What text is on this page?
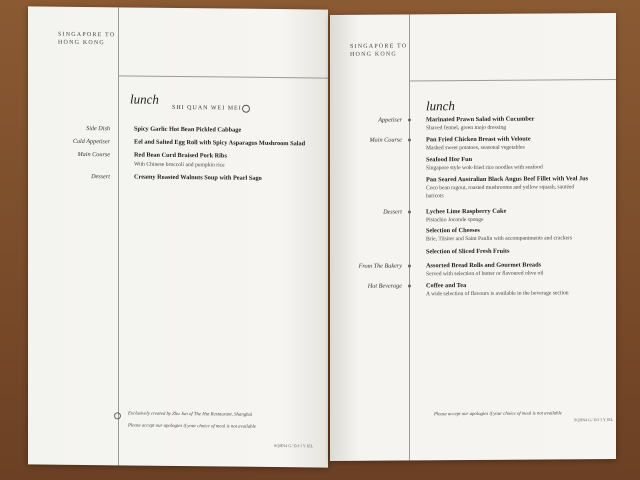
SINGAPORE TO
HONG KONG
lunch
SHI QUAN WEI MEI
Side Dish	Spicy Garlic Hot Bean Pickled Cabbage
Cold Appetiser	Eel and Salted Egg Roll with Spicy Asparagus Mushroom Salad
Main Course	Red Bean Curd Braised Pork Ribs
With Chinese broccoli and pumpkin rice
Dessert	Creamy Roasted Walnuts Soup with Pearl Sago
Exclusively created by Zhu Jun of The Hut Restaurant, Shanghai
Please accept our apologies if your choice of meal is not available
SQBN4 G/ D/J I Y JEL
SINGAPORE TO
HONG KONG
lunch
Appetiser	Marinated Prawn Salad with Cucumber
Shaved fennel, green mojo dressing
Main Course	Pan Fried Chicken Breast with Veloute
Mashed sweet potatoes, seasonal vegetables
Seafood Hor Fun
Singapore style wok-fried rice noodles with seafood
Pan Seared Australian Black Angus Beef Fillet with Veal Jus
Coco bean ragout, roasted mushrooms and yellow squash, sautéed
haricots
Dessert	Lychee Lime Raspberry Cake
Pistachio Joconde sponge
Selection of Cheeses
Brie, Tilsiter and Saint Paulin with accompaniments and crackers
Selection of Sliced Fresh Fruits
From The Bakery	Assorted Bread Rolls and Gourmet Breads
Served with selection of butter or flavoured olive oil
Hot Beverage	Coffee and Tea
A wide selection of flavours is available in the beverage section
Please accept our apologies if your choice of meal is not available
SQBN4 G/ D/J I Y JEL
